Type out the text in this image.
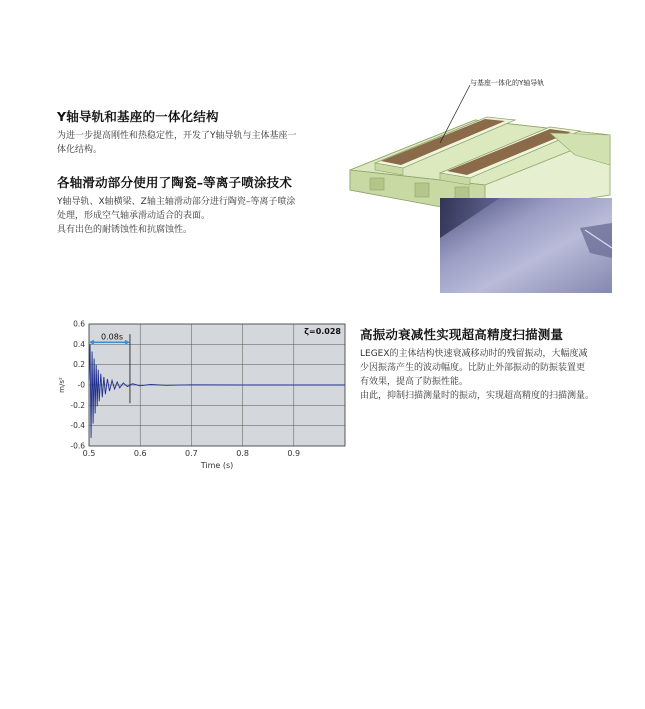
Y轴导轨和基座的一体化结构
为进一步提高刚性和热稳定性，开发了Y轴导轨与主体基座一
体化结构。
各轴滑动部分使用了陶瓷–等离子喷涂技术
Y轴导轨、X轴横梁、Z轴主轴滑动部分进行陶瓷–等离子喷涂
处理，形成空气轴承滑动适合的表面。
具有出色的耐锈蚀性和抗腐蚀性。
高振动衰减性实现超高精度扫描测量
LEGEX的主体结构快速衰减移动时的残留振动，大幅度减
少因振荡产生的波动幅度。比防止外部振动的防振装置更
有效果，提高了防振性能。
由此，抑制扫描测量时的振动，实现超高精度的扫描测量。
与基座一体化的Y轴导轨
0.6
0.4
0.2
-0
-0.2
-0.4
-0.6
0.5	0.6	0.7	0.8	0.9
0.08s
ζ=0.028
m/s²
Time (s)
